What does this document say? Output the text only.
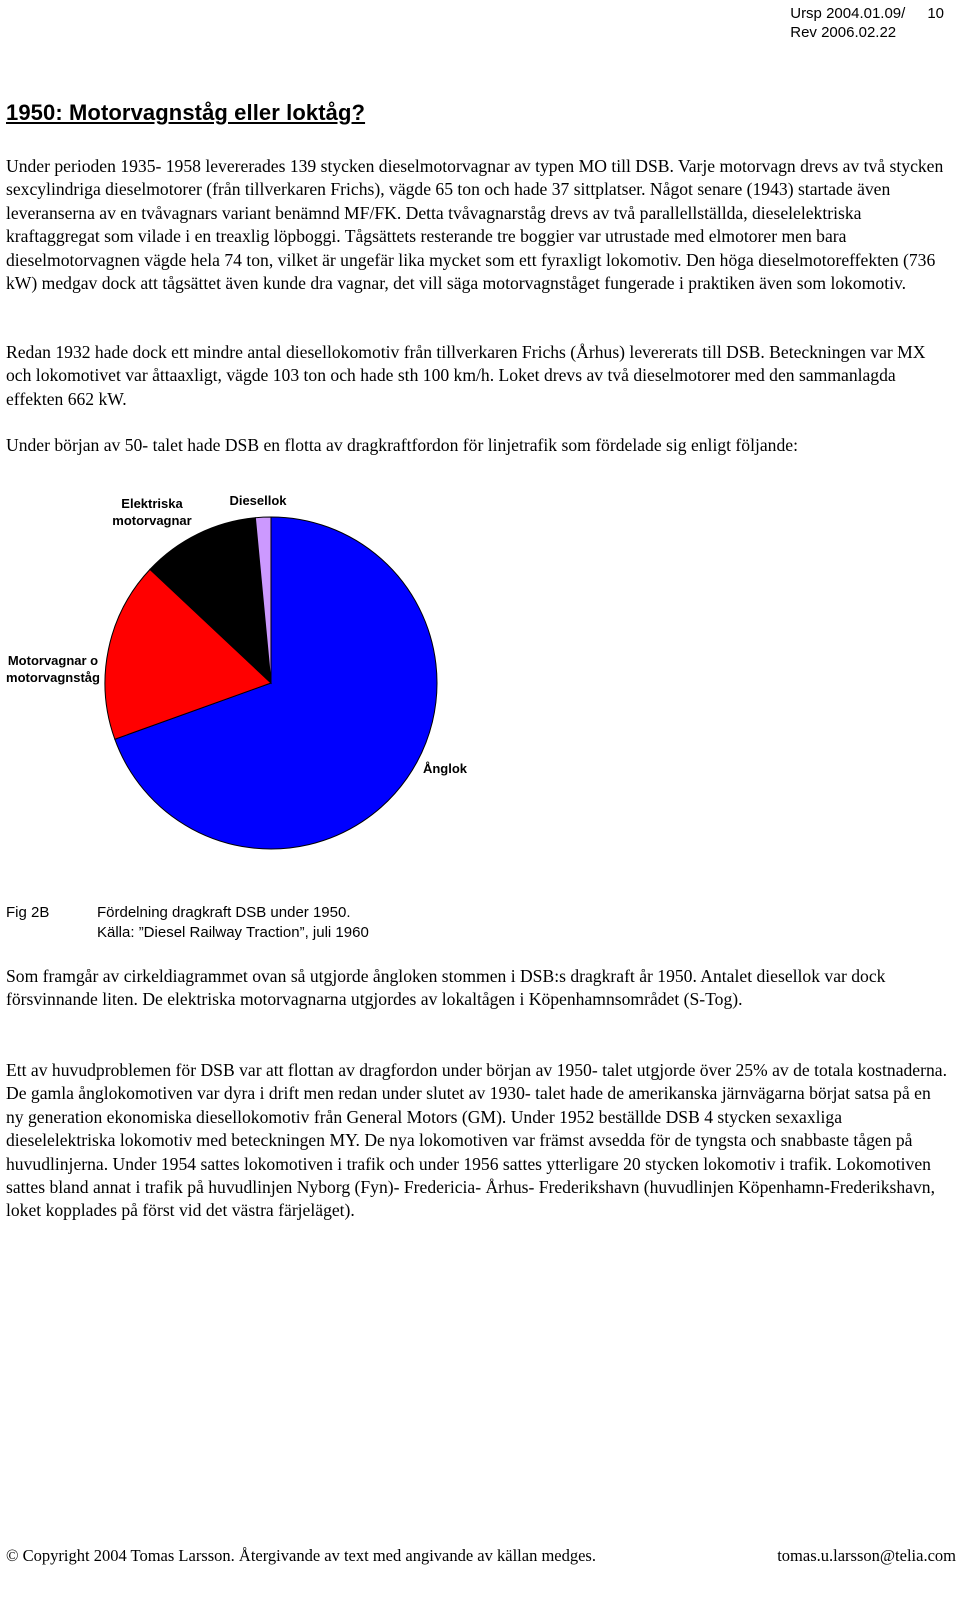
Ursp 2004.01.09/ 10
Rev 2006.02.22
1950: Motorvagnståg eller loktåg?

Under perioden 1935- 1958 levererades 139 stycken dieselmotorvagnar av typen MO till DSB. Varje motorvagn drevs av två stycken sexcylindriga dieselmotorer (från tillverkaren Frichs), vägde 65 ton och hade 37 sittplatser. Något senare (1943) startade även leveranserna av en tvåvagnars variant benämnd MF/FK. Detta tvåvagnarståg drevs av två parallellställda, dieselelektriska kraftaggregat som vilade i en treaxlig löpboggi. Tågsättets resterande tre boggier var utrustade med elmotorer men bara dieselmotorvagnen vägde hela 74 ton, vilket är ungefär lika mycket som ett fyraxligt lokomotiv. Den höga dieselmotoreffekten (736 kW) medgav dock att tågsättet även kunde dra vagnar, det vill säga motorvagnståget fungerade i praktiken även som lokomotiv.

Redan 1932 hade dock ett mindre antal diesellokomotiv från tillverkaren Frichs (Århus) levererats till DSB. Beteckningen var MX och lokomotivet var åttaaxligt, vägde 103 ton och hade sth 100 km/h. Loket drevs av två dieselmotorer med den sammanlagda effekten 662 kW.

Under början av 50- talet hade DSB en flotta av dragkraftfordon för linjetrafik som fördelade sig enligt följande:

Ånglok
Motorvagnar o motorvagnståg
Elektriska motorvagnar
Diesellok
Fig 2B	Fördelning dragkraft DSB under 1950.
Källa: ”Diesel Railway Traction”, juli 1960

Som framgår av cirkeldiagrammet ovan så utgjorde ångloken stommen i DSB:s dragkraft år 1950. Antalet diesellok var dock försvinnande liten. De elektriska motorvagnarna utgjordes av lokaltågen i Köpenhamnsområdet (S-Tog).

Ett av huvudproblemen för DSB var att flottan av dragfordon under början av 1950- talet utgjorde över 25% av de totala kostnaderna. De gamla ånglokomotiven var dyra i drift men redan under slutet av 1930- talet hade de amerikanska järnvägarna börjat satsa på en ny generation ekonomiska diesellokomotiv från General Motors (GM). Under 1952 beställde DSB 4 stycken sexaxliga dieselelektriska lokomotiv med beteckningen MY. De nya lokomotiven var främst avsedda för de tyngsta och snabbaste tågen på huvudlinjerna. Under 1954 sattes lokomotiven i trafik och under 1956 sattes ytterligare 20 stycken lokomotiv i trafik. Lokomotiven sattes bland annat i trafik på huvudlinjen Nyborg (Fyn)- Fredericia- Århus- Frederikshavn (huvudlinjen Köpenhamn-Frederikshavn, loket kopplades på först vid det västra färjeläget).

© Copyright 2004 Tomas Larsson. Återgivande av text med angivande av källan medges.	tomas.u.larsson@telia.com
